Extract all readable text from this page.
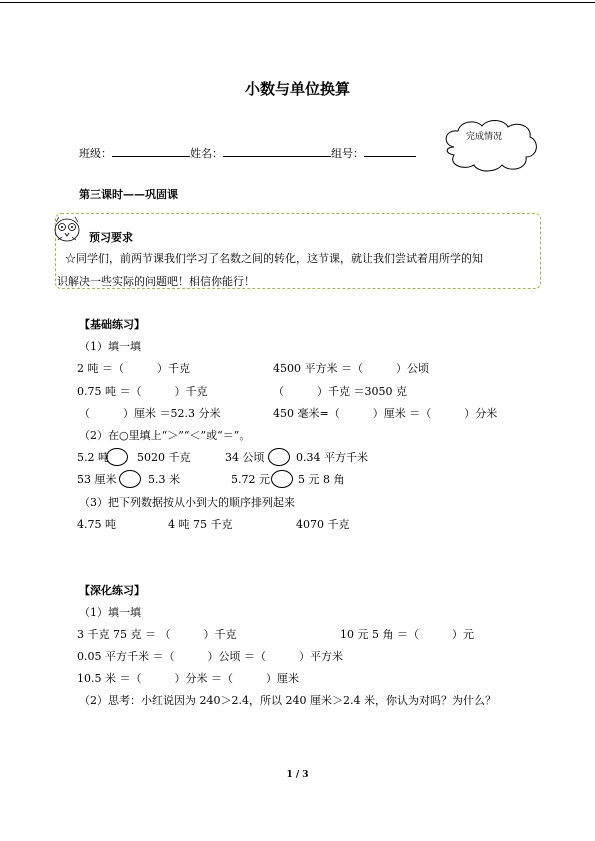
小数与单位换算
班级：	姓名：	组号：
完成情况
第三课时——巩固课
预习要求
☆同学们，前两节课我们学习了名数之间的转化，这节课，就让我们尝试着用所学的知
识解决一些实际的问题吧！相信你能行！
【基础练习】
（1）填一填
2 吨 ＝（　　　）千克	4500 平方米 ＝（　　　）公顷
0.75 吨 ＝（　　　）千克	（　　　）千克 ＝3050 克
（　　　）厘米 ＝52.3 分米	450 毫米=（　　　）厘米 ＝（　　　）分米
（2）在○里填上“＞”“＜”或“＝”。
5.2 吨	5020 千克	34 公顷	0.34 平方千米
53 厘米	5.3 米	5.72 元	5 元 8 角
（3）把下列数据按从小到大的顺序排列起来
4.75 吨	4 吨 75 千克	4070 千克
【深化练习】
（1）填一填
3 千克 75 克 ＝ （　　　）千克	10 元 5 角 ＝（　　　）元
0.05 平方千米 ＝（　　　）公顷 ＝（　　　）平方米
10.5 米 ＝（　　　）分米 ＝（　　　）厘米
（2）思考：小红说因为 240＞2.4，所以 240 厘米＞2.4 米，你认为对吗？为什么？
1 / 3
